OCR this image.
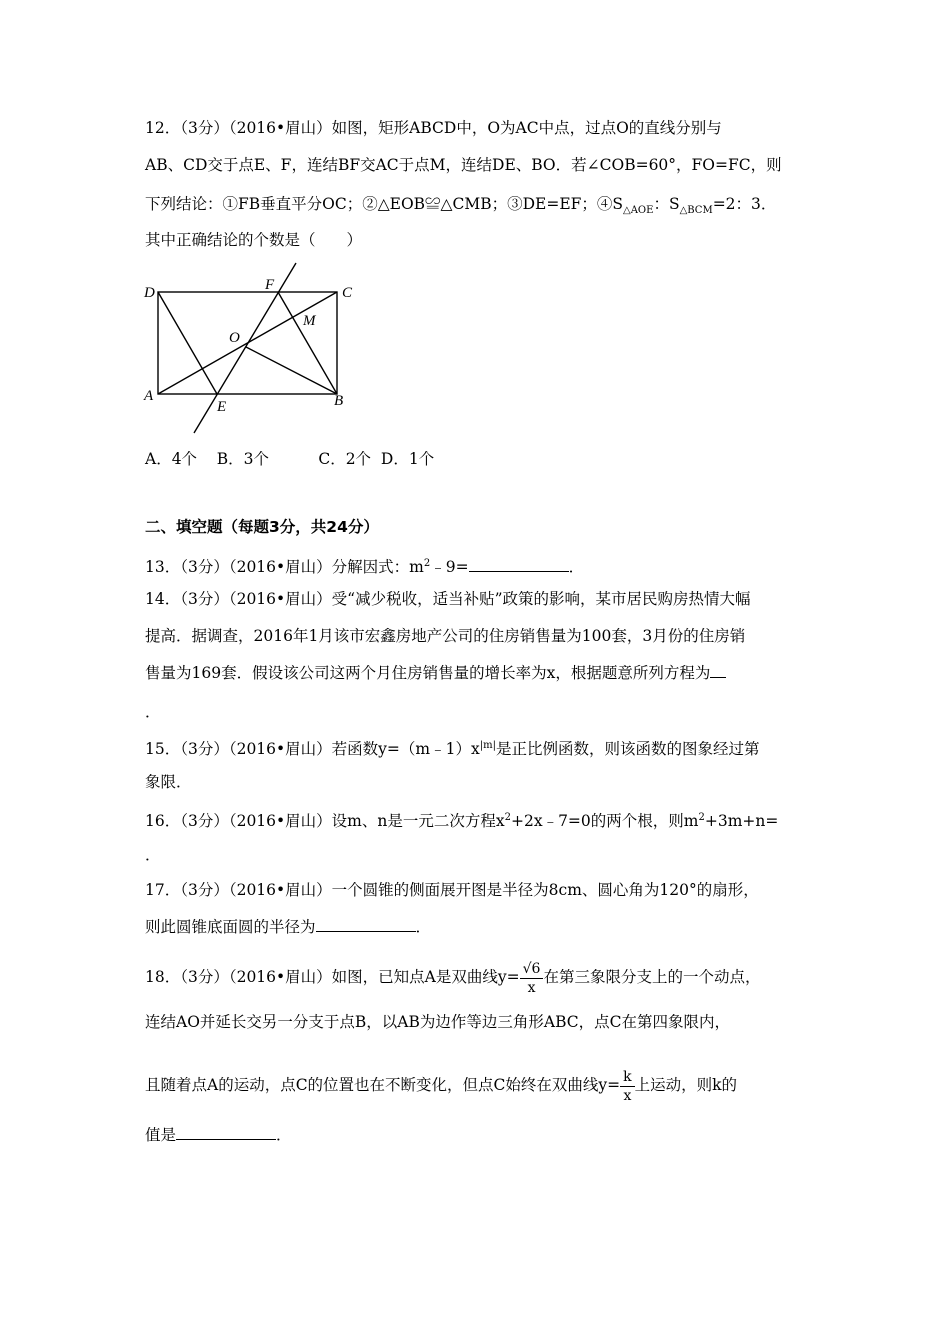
12．（3分）（2016•眉山）如图，矩形ABCD中，O为AC中点，过点O的直线分别与
AB、CD交于点E、F，连结BF交AC于点M，连结DE、BO．若∠COB=60°，FO=FC，则
下列结论：①FB垂直平分OC；②△EOB≌△CMB；③DE=EF；$④S_{\triangle AOE}$：$S_{\triangle BCM}=2$：3．
其中正确结论的个数是（　　）
D	C
A	B
F
E
O
M
A．4个 B．3个	C．2个 D．1个
二、填空题（每题3分，共24分）
13．（3分）（2016•眉山）分解因式：$m^2﹣9=$	．
14．（3分）（2016•眉山）受“减少税收，适当补贴”政策的影响，某市居民购房热情大幅
提高．据调查，2016年1月该市宏鑫房地产公司的住房销售量为100套，3月份的住房销
售量为169套．假设该公司这两个月住房销售量的增长率为x，根据题意所列方程为
．
15．（3分）（2016•眉山）若函数$y=(m﹣1)x^{|m|}$是正比例函数，则该函数的图象经过第
象限．
16．（3分）（2016•眉山）设m、n是一元二次方程$x^2+2x﹣7=0$的两个根，则$m^2+3m+n=$
．
17．（3分）（2016•眉山）一个圆锥的侧面展开图是半径为8cm、圆心角为120°的扇形，
则此圆锥底面圆的半径为	．
18．（3分）（2016•眉山）如图，已知点A是双曲线$y= \frac{√6}{x}$ 在第三象限分支上的一个动点，
连结AO并延长交另一分支于点B，以AB为边作等边三角形ABC，点C在第四象限内，
且随着点A的运动，点C的位置也在不断变化，但点C始终在双曲线$y= \frac{k}{x}$ 上运动，则k的
值是	．
